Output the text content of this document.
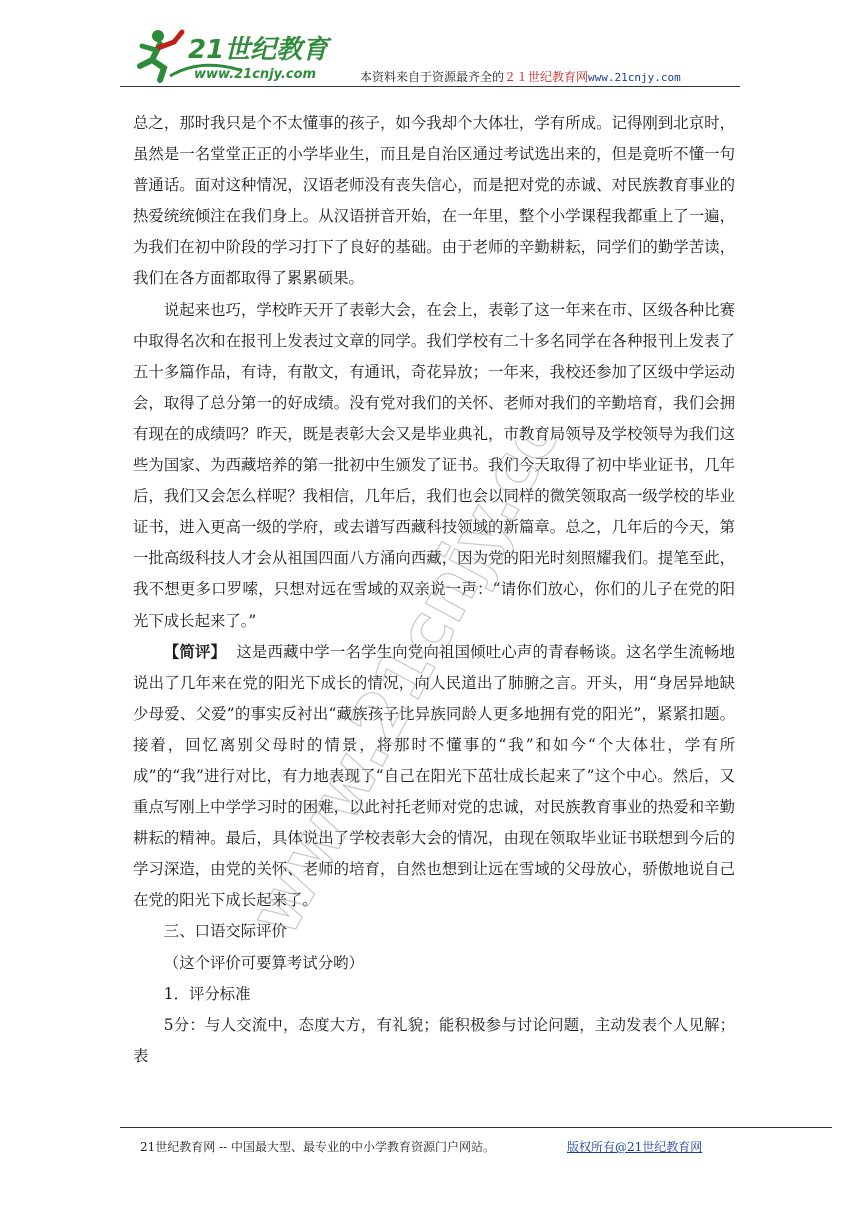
21世纪教育
www.21cnjy.com	本资料来自于资源最齐全的２１世纪教育网www.21cnjy.com

总之，那时我只是个不太懂事的孩子，如今我却个大体壮，学有所成。记得刚到北京时，虽然是一名堂堂正正的小学毕业生，而且是自治区通过考试选出来的，但是竟听不懂一句普通话。面对这种情况，汉语老师没有丧失信心，而是把对党的赤诚、对民族教育事业的热爱统统倾注在我们身上。从汉语拼音开始，在一年里，整个小学课程我都重上了一遍，为我们在初中阶段的学习打下了良好的基础。由于老师的辛勤耕耘，同学们的勤学苦读，我们在各方面都取得了累累硕果。

说起来也巧，学校昨天开了表彰大会，在会上，表彰了这一年来在市、区级各种比赛中取得名次和在报刊上发表过文章的同学。我们学校有二十多名同学在各种报刊上发表了五十多篇作品，有诗，有散文，有通讯，奇花异放；一年来，我校还参加了区级中学运动会，取得了总分第一的好成绩。没有党对我们的关怀、老师对我们的辛勤培育，我们会拥有现在的成绩吗？昨天，既是表彰大会又是毕业典礼，市教育局领导及学校领导为我们这些为国家、为西藏培养的第一批初中生颁发了证书。我们今天取得了初中毕业证书，几年后，我们又会怎么样呢？我相信，几年后，我们也会以同样的微笑领取高一级学校的毕业证书，进入更高一级的学府，或去谱写西藏科技领域的新篇章。总之，几年后的今天，第一批高级科技人才会从祖国四面八方涌向西藏，因为党的阳光时刻照耀我们。提笔至此，我不想更多口罗嗦，只想对远在雪域的双亲说一声：“请你们放心，你们的儿子在党的阳光下成长起来了。”

【简评】 这是西藏中学一名学生向党向祖国倾吐心声的青春畅谈。这名学生流畅地说出了几年来在党的阳光下成长的情况，向人民道出了肺腑之言。开头，用“身居异地缺少母爱、父爱”的事实反衬出“藏族孩子比异族同龄人更多地拥有党的阳光”，紧紧扣题。接着，回忆离别父母时的情景，将那时不懂事的“我”和如今“个大体壮，学有所成”的“我”进行对比，有力地表现了“自己在阳光下茁壮成长起来了”这个中心。然后，又重点写刚上中学学习时的困难，以此衬托老师对党的忠诚，对民族教育事业的热爱和辛勤耕耘的精神。最后，具体说出了学校表彰大会的情况，由现在领取毕业证书联想到今后的学习深造，由党的关怀、老师的培育，自然也想到让远在雪域的父母放心，骄傲地说自己在党的阳光下成长起来了。

三、口语交际评价

（这个评价可要算考试分哟）

1．评分标准

5分：与人交流中，态度大方，有礼貌；能积极参与讨论问题，主动发表个人见解；表

www.21cnjy.com
21世纪教育网 -- 中国最大型、最专业的中小学教育资源门户网站。	版权所有@21世纪教育网
